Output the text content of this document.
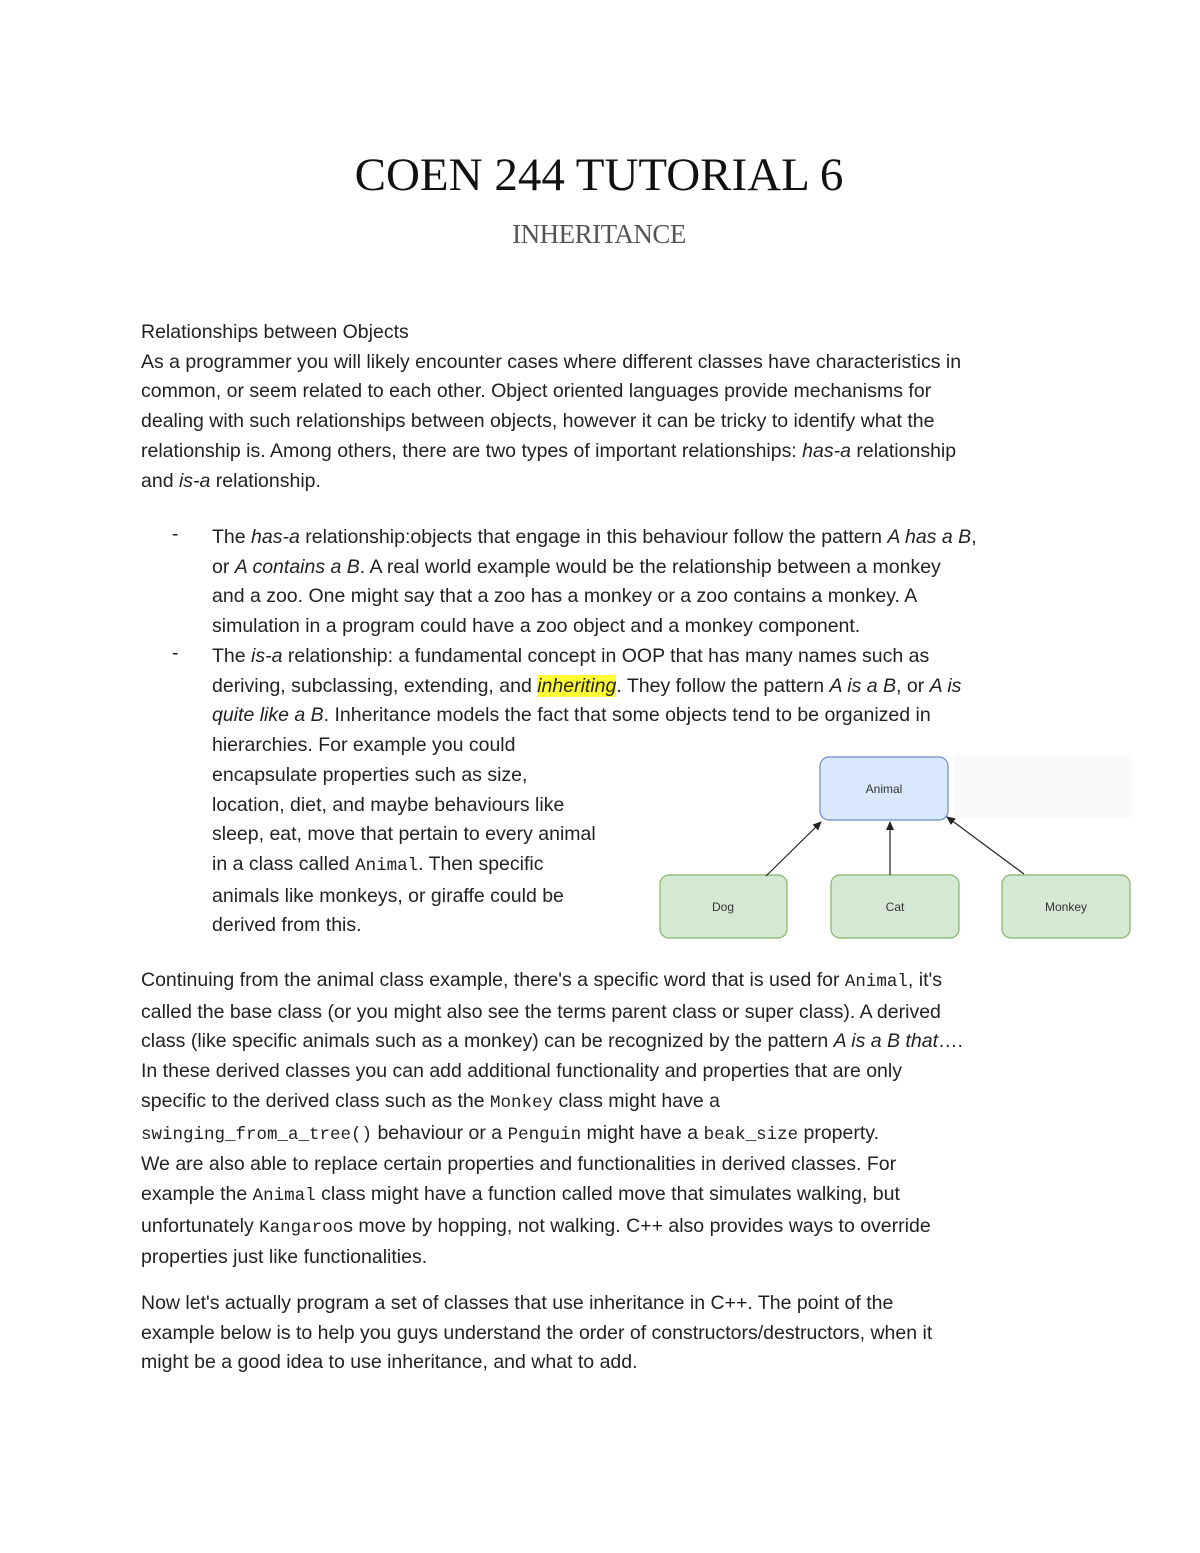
COEN 244 TUTORIAL 6
INHERITANCE
Relationships between Objects
As a programmer you will likely encounter cases where different classes have characteristics in
common, or seem related to each other. Object oriented languages provide mechanisms for
dealing with such relationships between objects, however it can be tricky to identify what the
relationship is. Among others, there are two types of important relationships: has-a relationship
and is-a relationship.
- The has-a relationship:objects that engage in this behaviour follow the pattern A has a B,
or A contains a B. A real world example would be the relationship between a monkey
and a zoo. One might say that a zoo has a monkey or a zoo contains a monkey. A
simulation in a program could have a zoo object and a monkey component.
- The is-a relationship: a fundamental concept in OOP that has many names such as
deriving, subclassing, extending, and inheriting. They follow the pattern A is a B, or A is
quite like a B. Inheritance models the fact that some objects tend to be organized in
hierarchies. For example you could
encapsulate properties such as size,
location, diet, and maybe behaviours like
sleep, eat, move that pertain to every animal
in a class called Animal. Then specific
animals like monkeys, or giraffe could be
derived from this.
Animal
Dog	Cat	Monkey
Continuing from the animal class example, there's a specific word that is used for Animal, it's
called the base class (or you might also see the terms parent class or super class). A derived
class (like specific animals such as a monkey) can be recognized by the pattern A is a B that….
In these derived classes you can add additional functionality and properties that are only
specific to the derived class such as the Monkey class might have a
swinging_from_a_tree() behaviour or a Penguin might have a beak_size property.
We are also able to replace certain properties and functionalities in derived classes. For
example the Animal class might have a function called move that simulates walking, but
unfortunately Kangaroos move by hopping, not walking. C++ also provides ways to override
properties just like functionalities.
Now let's actually program a set of classes that use inheritance in C++. The point of the
example below is to help you guys understand the order of constructors/destructors, when it
might be a good idea to use inheritance, and what to add.
